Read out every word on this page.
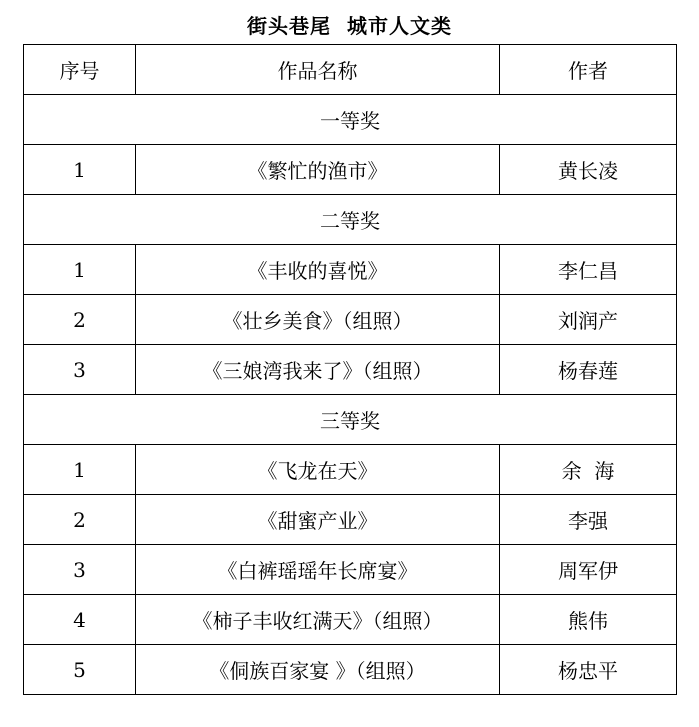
街头巷尾  城市人文类
序号	作品名称	作者
一等奖		
1	《繁忙的渔市》	黄长凌
二等奖		
1	《丰收的喜悦》	李仁昌
2	《壮乡美食》（组照）	刘润产
3	《三娘湾我来了》（组照）	杨春莲
三等奖		
1	《飞龙在天》	余  海
2	《甜蜜产业》	李强
3	《白裤瑶瑶年长席宴》	周军伊
4	《柿子丰收红满天》（组照）	熊伟
5	《侗族百家宴 》（组照）	杨忠平
